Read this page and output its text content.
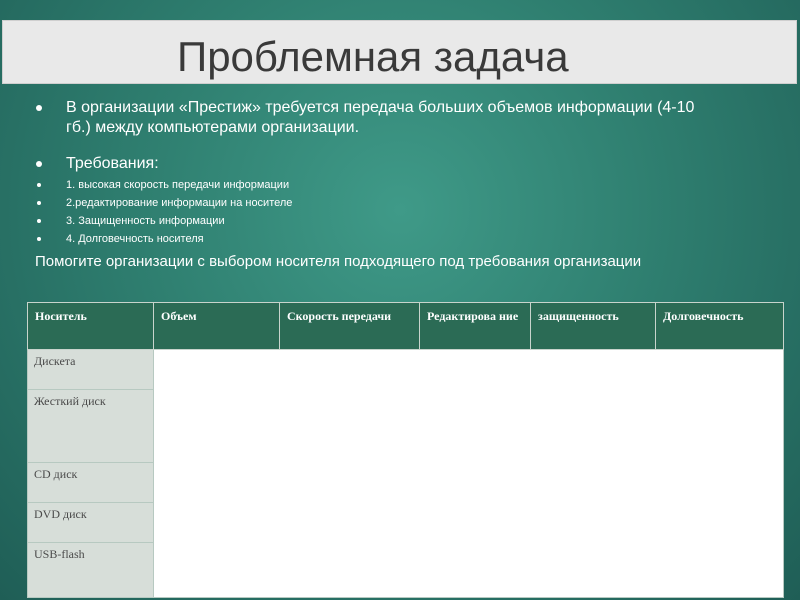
Проблемная задача
В организации «Престиж» требуется передача больших объемов информации (4-10 гб.) между компьютерами организации.
Требования:
1. высокая скорость передачи информации
2.редактирование информации на носителе
3. Защищенность информации
4. Долговечность носителя
Помогите организации с выбором носителя подходящего под требования организации
Носитель	Объем	Скорость передачи	Редактирова ние	защищенность	Долговечность
Дискета					
Жесткий диск					
CD диск					
DVD диск					
USB-flash					
